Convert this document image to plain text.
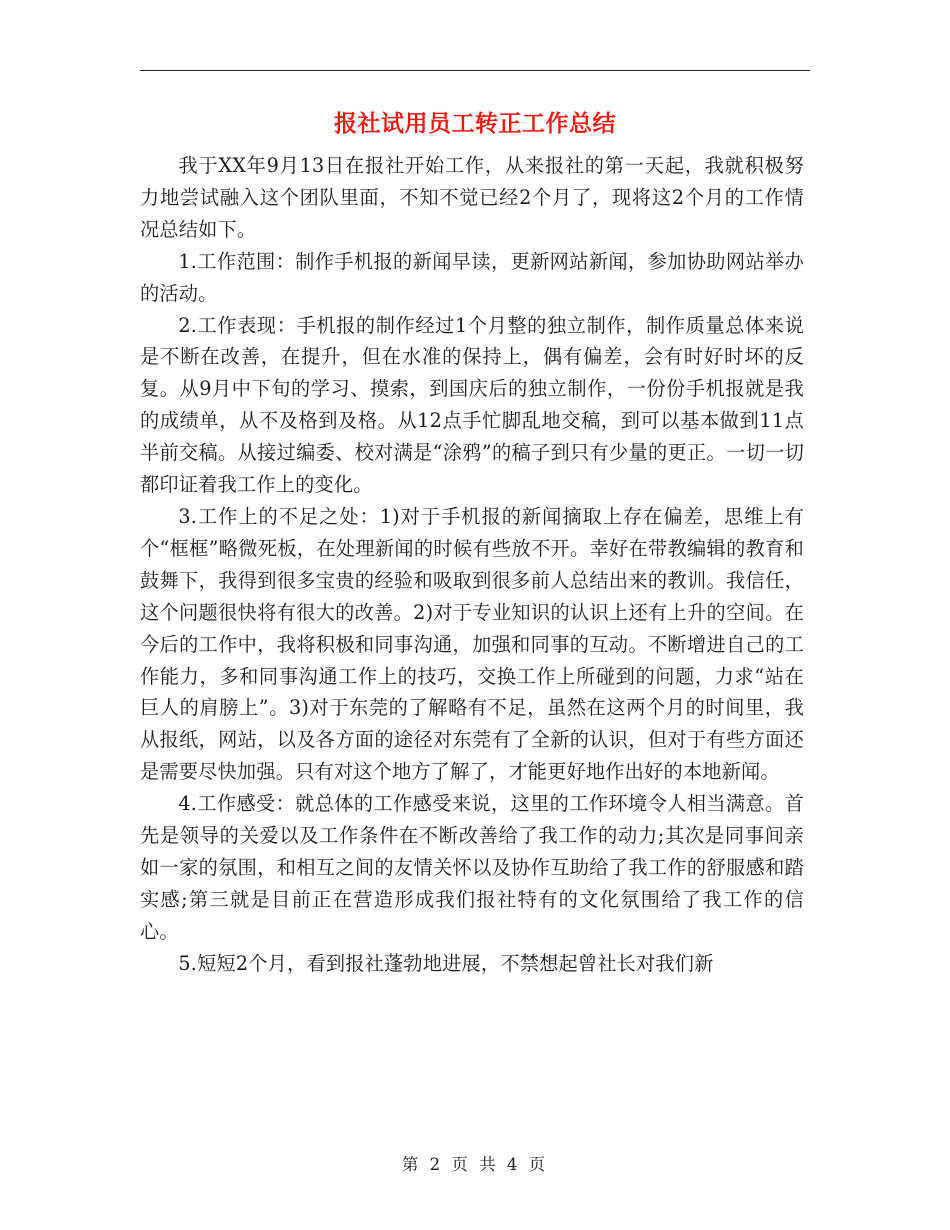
报社试用员工转正工作总结

我于XX年9月13日在报社开始工作，从来报社的第一天起，我就积极努力地尝试融入这个团队里面，不知不觉已经2个月了，现将这2个月的工作情况总结如下。

1.工作范围：制作手机报的新闻早读，更新网站新闻，参加协助网站举办的活动。

2.工作表现：手机报的制作经过1个月整的独立制作，制作质量总体来说是不断在改善，在提升，但在水准的保持上，偶有偏差，会有时好时坏的反复。从9月中下旬的学习、摸索，到国庆后的独立制作，一份份手机报就是我的成绩单，从不及格到及格。从12点手忙脚乱地交稿，到可以基本做到11点半前交稿。从接过编委、校对满是“涂鸦”的稿子到只有少量的更正。一切一切都印证着我工作上的变化。

3.工作上的不足之处：1)对于手机报的新闻摘取上存在偏差，思维上有个“框框”略微死板，在处理新闻的时候有些放不开。幸好在带教编辑的教育和鼓舞下，我得到很多宝贵的经验和吸取到很多前人总结出来的教训。我信任，这个问题很快将有很大的改善。2)对于专业知识的认识上还有上升的空间。在今后的工作中，我将积极和同事沟通，加强和同事的互动。不断增进自己的工作能力，多和同事沟通工作上的技巧，交换工作上所碰到的问题，力求“站在巨人的肩膀上”。3)对于东莞的了解略有不足，虽然在这两个月的时间里，我从报纸，网站，以及各方面的途径对东莞有了全新的认识，但对于有些方面还是需要尽快加强。只有对这个地方了解了，才能更好地作出好的本地新闻。

4.工作感受：就总体的工作感受来说，这里的工作环境令人相当满意。首先是领导的关爱以及工作条件在不断改善给了我工作的动力;其次是同事间亲如一家的氛围，和相互之间的友情关怀以及协作互助给了我工作的舒服感和踏实感;第三就是目前正在营造形成我们报社特有的文化氛围给了我工作的信心。

5.短短2个月，看到报社蓬勃地进展，不禁想起曾社长对我们新

第 2 页 共 4 页
